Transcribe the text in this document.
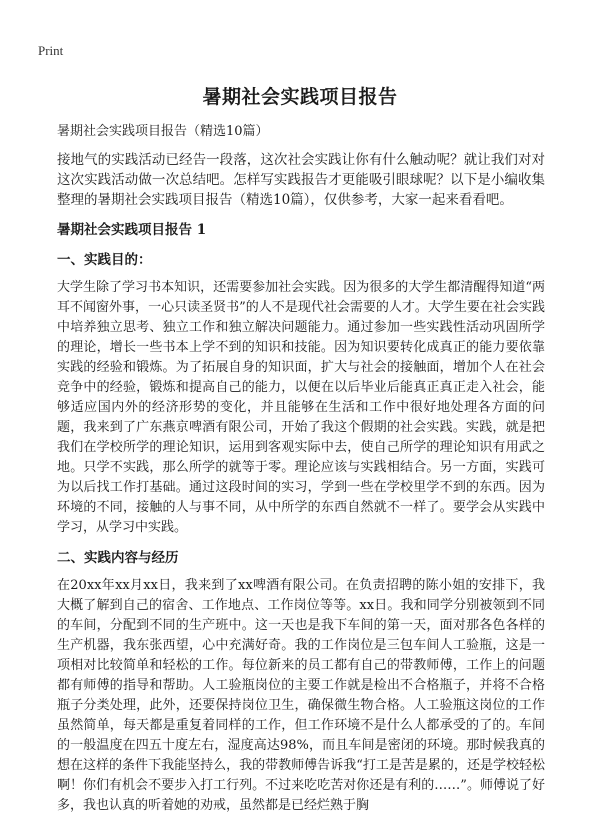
Print
暑期社会实践项目报告

暑期社会实践项目报告（精选10篇）

接地气的实践活动已经告一段落，这次社会实践让你有什么触动呢？就让我们对对这次实践活动做一次总结吧。怎样写实践报告才更能吸引眼球呢？以下是小编收集整理的暑期社会实践项目报告（精选10篇），仅供参考，大家一起来看看吧。

暑期社会实践项目报告 1

一、实践目的：

大学生除了学习书本知识，还需要参加社会实践。因为很多的大学生都清醒得知道“两耳不闻窗外事，一心只读圣贤书”的人不是现代社会需要的人才。大学生要在社会实践中培养独立思考、独立工作和独立解决问题能力。通过参加一些实践性活动巩固所学的理论，增长一些书本上学不到的知识和技能。因为知识要转化成真正的能力要依靠实践的经验和锻炼。为了拓展自身的知识面，扩大与社会的接触面，增加个人在社会竞争中的经验，锻炼和提高自己的能力，以便在以后毕业后能真正真正走入社会，能够适应国内外的经济形势的变化，并且能够在生活和工作中很好地处理各方面的问题，我来到了广东燕京啤酒有限公司，开始了我这个假期的社会实践。实践，就是把我们在学校所学的理论知识，运用到客观实际中去，使自己所学的理论知识有用武之地。只学不实践，那么所学的就等于零。理论应该与实践相结合。另一方面，实践可为以后找工作打基础。通过这段时间的实习，学到一些在学校里学不到的东西。因为环境的不同，接触的人与事不同，从中所学的东西自然就不一样了。要学会从实践中学习，从学习中实践。

二、实践内容与经历

在20xx年xx月xx日，我来到了xx啤酒有限公司。在负责招聘的陈小姐的安排下，我大概了解到自己的宿舍、工作地点、工作岗位等等。xx日。我和同学分别被领到不同的车间，分配到不同的生产班中。这一天也是我下车间的第一天，面对那各色各样的生产机器，我东张西望，心中充满好奇。我的工作岗位是三包车间人工验瓶，这是一项相对比较简单和轻松的工作。每位新来的员工都有自己的带教师傅，工作上的问题都有师傅的指导和帮助。人工验瓶岗位的主要工作就是检出不合格瓶子，并将不合格瓶子分类处理，此外，还要保持岗位卫生，确保微生物合格。人工验瓶这岗位的工作虽然简单，每天都是重复着同样的工作，但工作环境不是什么人都承受的了的。车间的一般温度在四五十度左右，湿度高达98%，而且车间是密闭的环境。那时候我真的想在这样的条件下我能坚持么，我的带教师傅告诉我“打工是苦是累的，还是学校轻松啊！你们有机会不要步入打工行列。不过来吃吃苦对你还是有利的……”。师傅说了好多，我也认真的听着她的劝戒，虽然都是已经烂熟于胸
